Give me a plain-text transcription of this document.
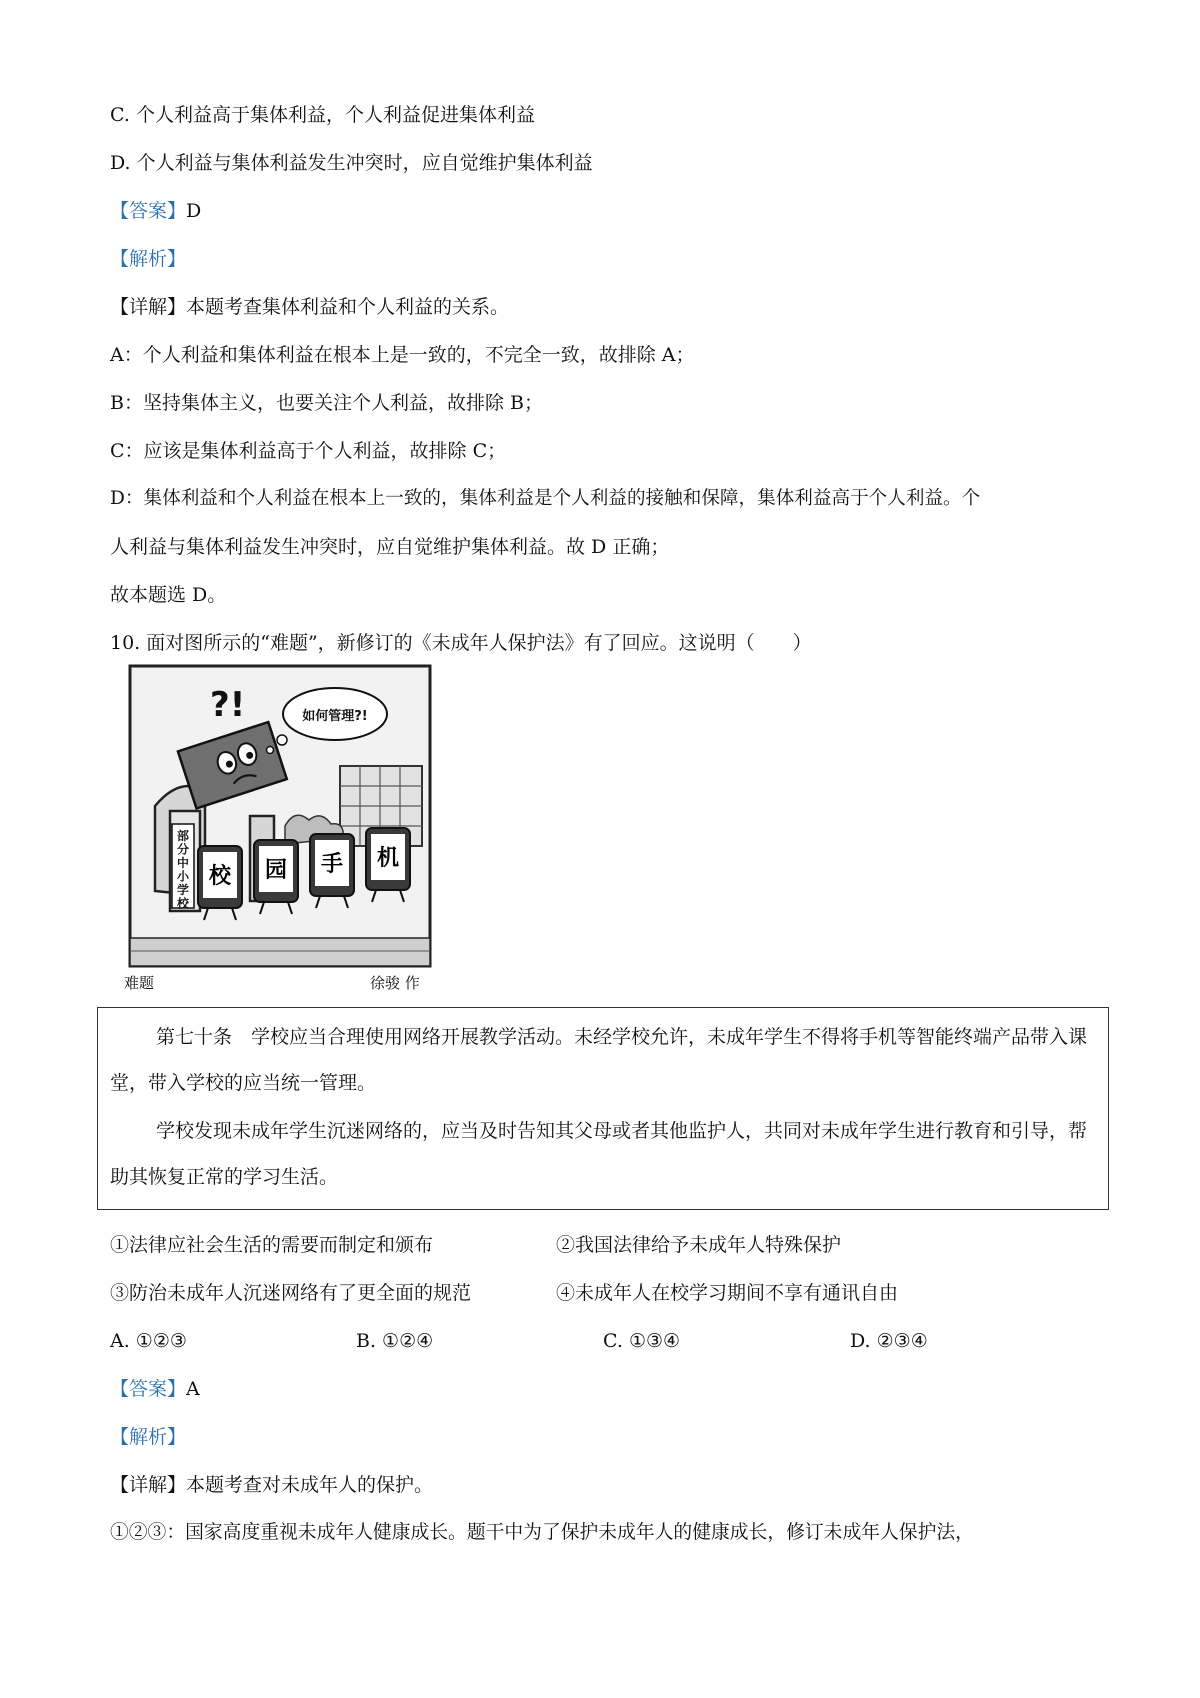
C. 个人利益高于集体利益，个人利益促进集体利益
D. 个人利益与集体利益发生冲突时，应自觉维护集体利益
【答案】D
【解析】
【详解】本题考查集体利益和个人利益的关系。
A：个人利益和集体利益在根本上是一致的，不完全一致，故排除 A；
B：坚持集体主义，也要关注个人利益，故排除 B；
C：应该是集体利益高于个人利益，故排除 C；
D：集体利益和个人利益在根本上一致的，集体利益是个人利益的接触和保障，集体利益高于个人利益。个
人利益与集体利益发生冲突时，应自觉维护集体利益。故 D 正确；
故本题选 D。
10. 面对图所示的“难题”，新修订的《未成年人保护法》有了回应。这说明（　　）
?!	如何管理?!
部分中小学校
校 园 手 机
难题	徐骏 作
第七十条　学校应当合理使用网络开展教学活动。未经学校允许，未成年学生不得将手机等智能终端产品带入课堂，带入学校的应当统一管理。
学校发现未成年学生沉迷网络的，应当及时告知其父母或者其他监护人，共同对未成年学生进行教育和引导，帮助其恢复正常的学习生活。
①法律应社会生活的需要而制定和颁布	②我国法律给予未成年人特殊保护
③防治未成年人沉迷网络有了更全面的规范	④未成年人在校学习期间不享有通讯自由
A. ①②③	B. ①②④	C. ①③④	D. ②③④
【答案】A
【解析】
【详解】本题考查对未成年人的保护。
①②③：国家高度重视未成年人健康成长。题干中为了保护未成年人的健康成长，修订未成年人保护法，
